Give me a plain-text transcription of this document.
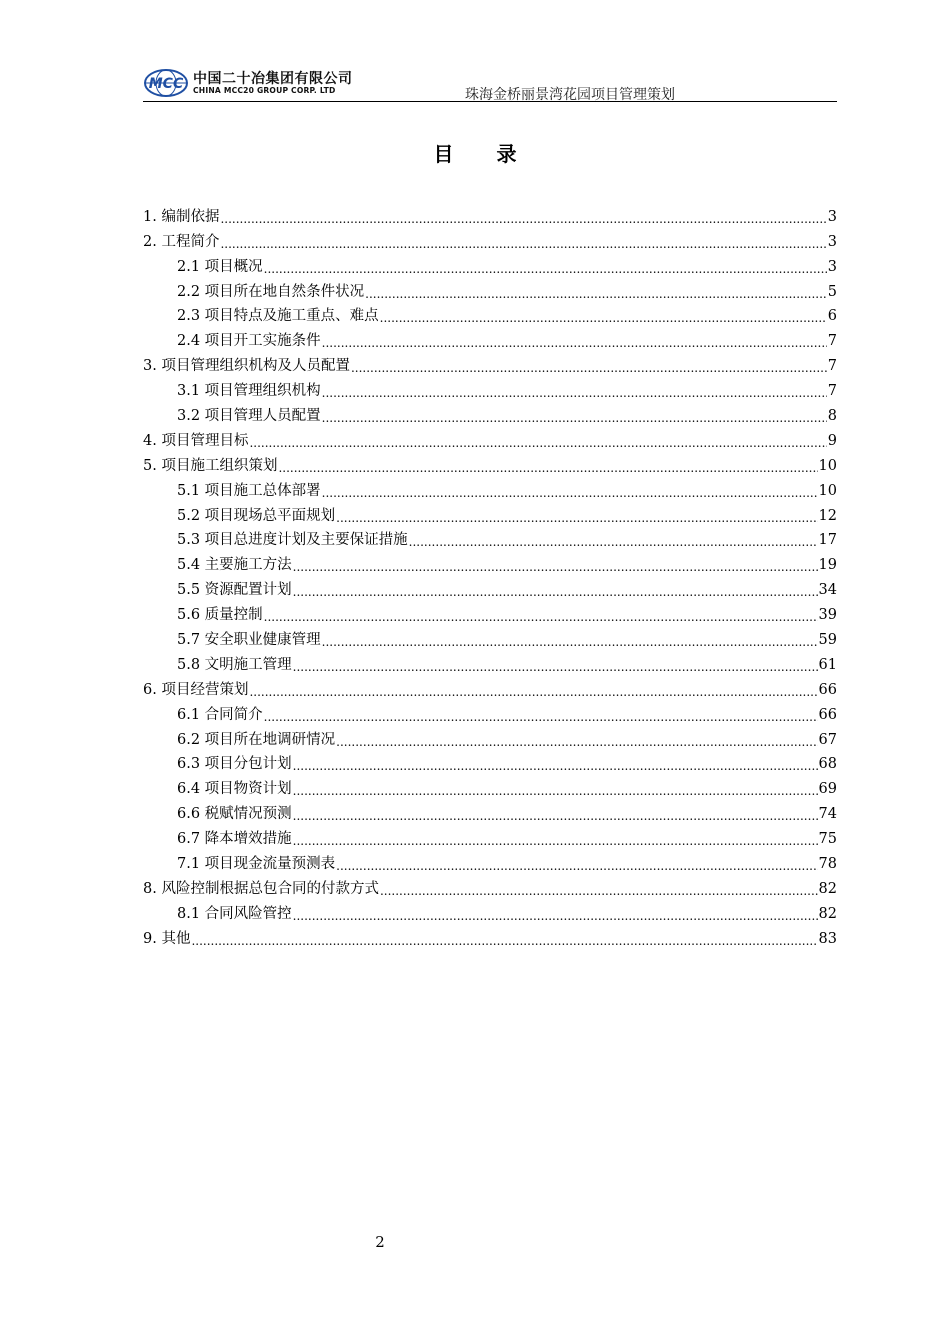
MCC 中国二十冶集团有限公司
CHINA MCC20 GROUP CORP. LTD	珠海金桥丽景湾花园项目管理策划
目 录
1. 编制依据 .....	3
2. 工程简介 .....	3
2.1 项目概况 .....	3
2.2 项目所在地自然条件状况 .....	5
2.3 项目特点及施工重点、难点 .....	6
2.4 项目开工实施条件 .....	7
3. 项目管理组织机构及人员配置 .....	7
3.1 项目管理组织机构 .....	7
3.2 项目管理人员配置 .....	8
4. 项目管理目标 .....	9
5. 项目施工组织策划 .....	10
5.1 项目施工总体部署 .....	10
5.2 项目现场总平面规划 .....	12
5.3 项目总进度计划及主要保证措施 .....	17
5.4 主要施工方法 .....	19
5.5 资源配置计划 .....	34
5.6 质量控制 .....	39
5.7 安全职业健康管理 .....	59
5.8 文明施工管理 .....	61
6. 项目经营策划 .....	66
6.1 合同简介 .....	66
6.2 项目所在地调研情况 .....	67
6.3 项目分包计划 .....	68
6.4 项目物资计划 .....	69
6.6 税赋情况预测 .....	74
6.7 降本增效措施 .....	75
7.1 项目现金流量预测表 .....	78
8. 风险控制根据总包合同的付款方式 .....	82
8.1 合同风险管控 .....	82
9. 其他 .....	83
2
